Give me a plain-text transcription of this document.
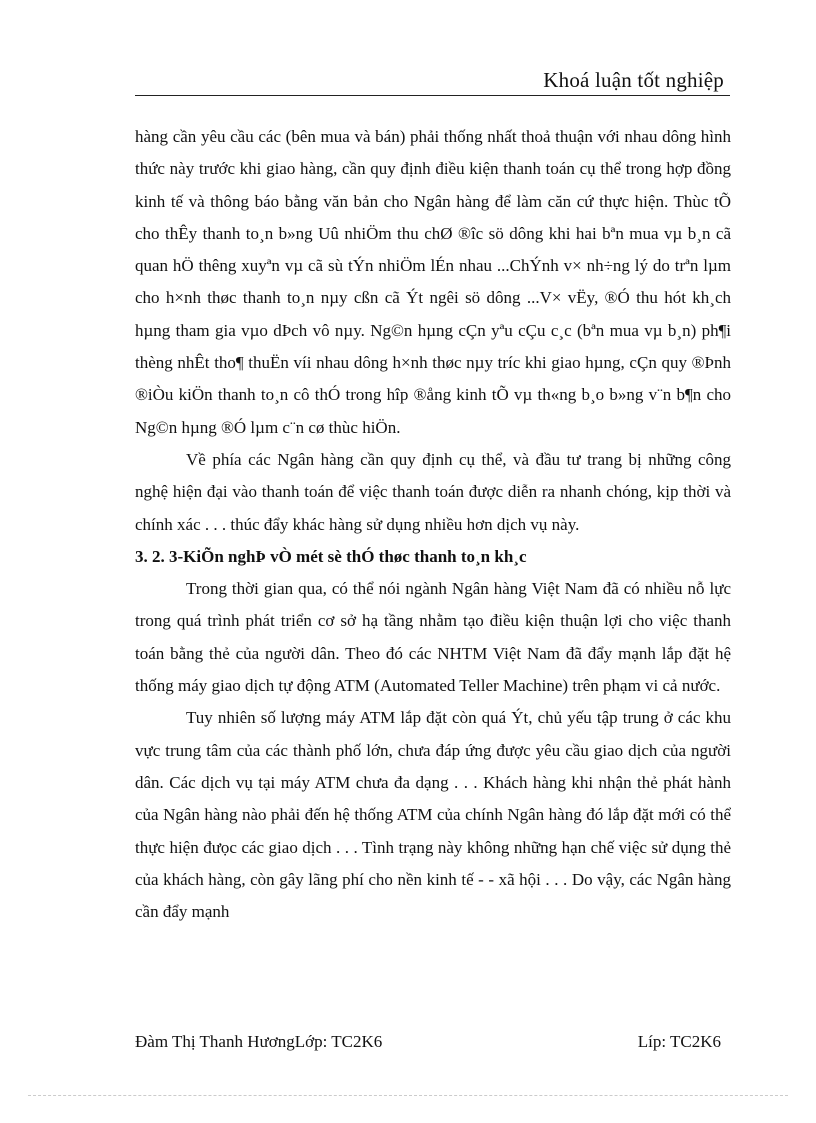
Khoá luận tốt nghiệp

hàng cần yêu cầu các (bên mua và bán) phải thống nhất thoả thuận với nhau dông hình thức này trước khi giao hàng, cần quy định điều kiện thanh toán cụ thể trong hợp đồng kinh tế và thông báo bằng văn bản cho Ngân hàng để làm căn cứ thực hiện. Thùc tÕ cho thÊy thanh to¸n b»ng Uû nhiÖm thu chØ ®îc sö dông khi hai bªn mua vµ b¸n cã quan hÖ thêng xuyªn vµ cã sù tÝn nhiÖm lÉn nhau ...ChÝnh v× nh÷ng lý do trªn lµm cho h×nh thøc thanh to¸n nµy cßn cã Ýt ngêi sö dông ...V× vËy, ®Ó thu hót kh¸ch hµng tham gia vµo dÞch vô nµy. Ng©n hµng cÇn yªu cÇu c¸c (bªn mua vµ b¸n) ph¶i thèng nhÊt tho¶ thuËn víi nhau dông h×nh thøc nµy tríc khi giao hµng, cÇn quy ®Þnh ®iÒu kiÖn thanh to¸n cô thÓ trong hîp ®ång kinh tÕ vµ th«ng b¸o b»ng v¨n b¶n cho Ng©n hµng ®Ó lµm c¨n cø thùc hiÖn.

Về phía các Ngân hàng cần quy định cụ thể, và đầu tư trang bị những công nghệ hiện đại vào thanh toán để việc thanh toán được diễn ra nhanh chóng, kịp thời và chính xác . . . thúc đẩy khác hàng sử dụng nhiều hơn dịch vụ này.

3. 2. 3-KiÕn nghÞ vÒ mét sè thÓ thøc thanh to¸n kh¸c

Trong thời gian qua, có thể nói ngành Ngân hàng Việt Nam đã có nhiều nỗ lực trong quá trình phát triển cơ sở hạ tầng nhằm tạo điều kiện thuận lợi cho việc thanh toán bằng thẻ của người dân. Theo đó các NHTM Việt Nam đã đẩy mạnh lắp đặt hệ thống máy giao dịch tự động ATM (Automated Teller Machine) trên phạm vi cả nước.

Tuy nhiên số lượng máy ATM lắp đặt còn quá Ýt, chủ yếu tập trung ở các khu vực trung tâm của các thành phố lớn, chưa đáp ứng được yêu cầu giao dịch của người dân. Các dịch vụ tại máy ATM chưa đa dạng . . . Khách hàng khi nhận thẻ phát hành của Ngân hàng nào phải đến hệ thống ATM của chính Ngân hàng đó lắp đặt mới có thể thực hiện đưọc các giao dịch . . . Tình trạng này không những hạn chế việc sử dụng thẻ của khách hàng, còn gây lãng phí cho nền kinh tế - - xã hội . . . Do vậy, các Ngân hàng cần đẩy mạnh

Đàm Thị Thanh HươngLớp: TC2K6	Líp: TC2K6
